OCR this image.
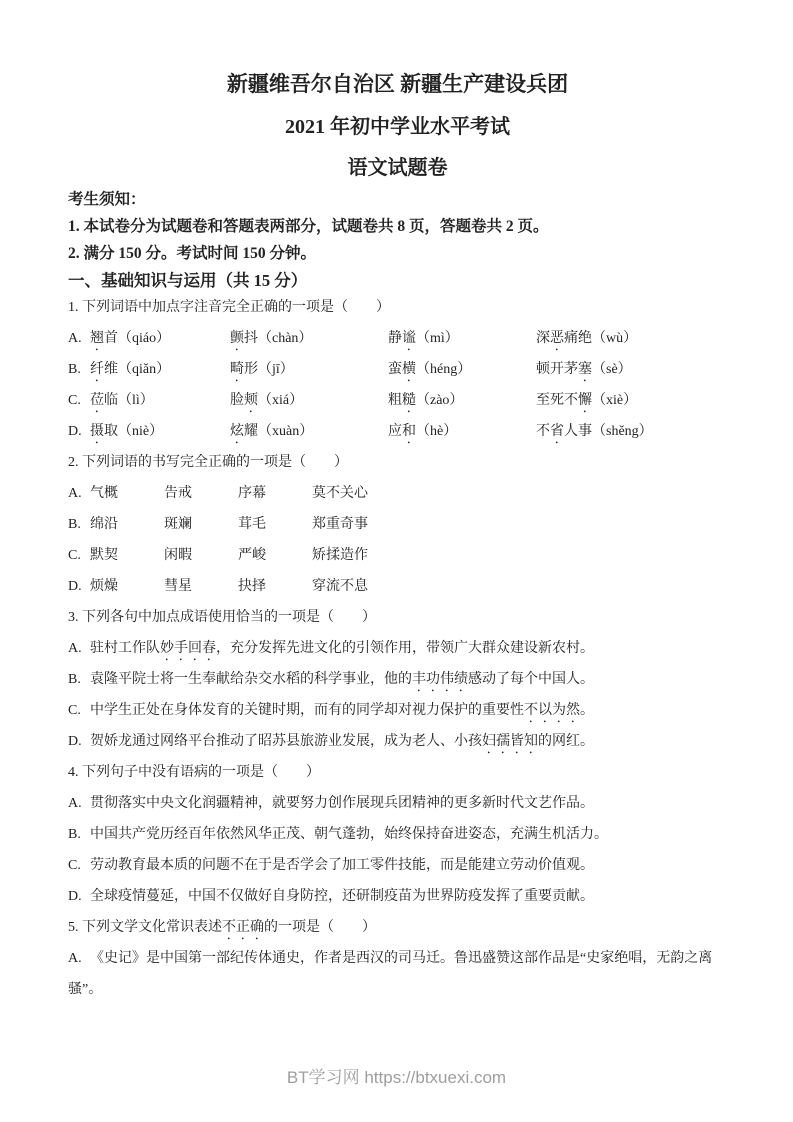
新疆维吾尔自治区 新疆生产建设兵团
2021 年初中学业水平考试
语文试题卷

考生须知：

1. 本试卷分为试题卷和答题表两部分，试题卷共 8 页，答题卷共 2 页。

2. 满分 150 分。考试时间 150 分钟。

一、基础知识与运用（共 15 分）

1. 下列词语中加点字注音完全正确的一项是（　　）

A. 翘首（qiáo）	颤抖（chàn）	静谧（mì）	深恶痛绝（wù）

B. 纤维（qiǎn）	畸形（jī）	蛮横（héng）	顿开茅塞（sè）

C. 莅临（lì）	脸颊（xiá）	粗糙（zào）	至死不懈（xiè）

D. 摄取（niè）	炫耀（xuàn）	应和（hè）	不省人事（shěng）

2. 下列词语的书写完全正确的一项是（　　）

A. 气概	告戒	序幕	莫不关心

B. 绵沿	斑斓	茸毛	郑重奇事

C. 默契	闲暇	严峻	矫揉造作

D. 烦燥	彗星	抉择	穿流不息

3. 下列各句中加点成语使用恰当的一项是（　　）

A. 驻村工作队妙手回春，充分发挥先进文化的引领作用，带领广大群众建设新农村。

B. 袁隆平院士将一生奉献给杂交水稻的科学事业，他的丰功伟绩感动了每个中国人。

C. 中学生正处在身体发育的关键时期，而有的同学却对视力保护的重要性不以为然。

D. 贺娇龙通过网络平台推动了昭苏县旅游业发展，成为老人、小孩妇孺皆知的网红。

4. 下列句子中没有语病的一项是（　　）

A. 贯彻落实中央文化润疆精神，就要努力创作展现兵团精神的更多新时代文艺作品。

B. 中国共产党历经百年依然风华正茂、朝气蓬勃，始终保持奋进姿态，充满生机活力。

C. 劳动教育最本质的问题不在于是否学会了加工零件技能，而是能建立劳动价值观。

D. 全球疫情蔓延，中国不仅做好自身防控，还研制疫苗为世界防疫发挥了重要贡献。

5. 下列文学文化常识表述不正确的一项是（　　）

A. 《史记》是中国第一部纪传体通史，作者是西汉的司马迁。鲁迅盛赞这部作品是“史家绝唱，无韵之离骚”。

BT学习网 https://btxuexi.com
